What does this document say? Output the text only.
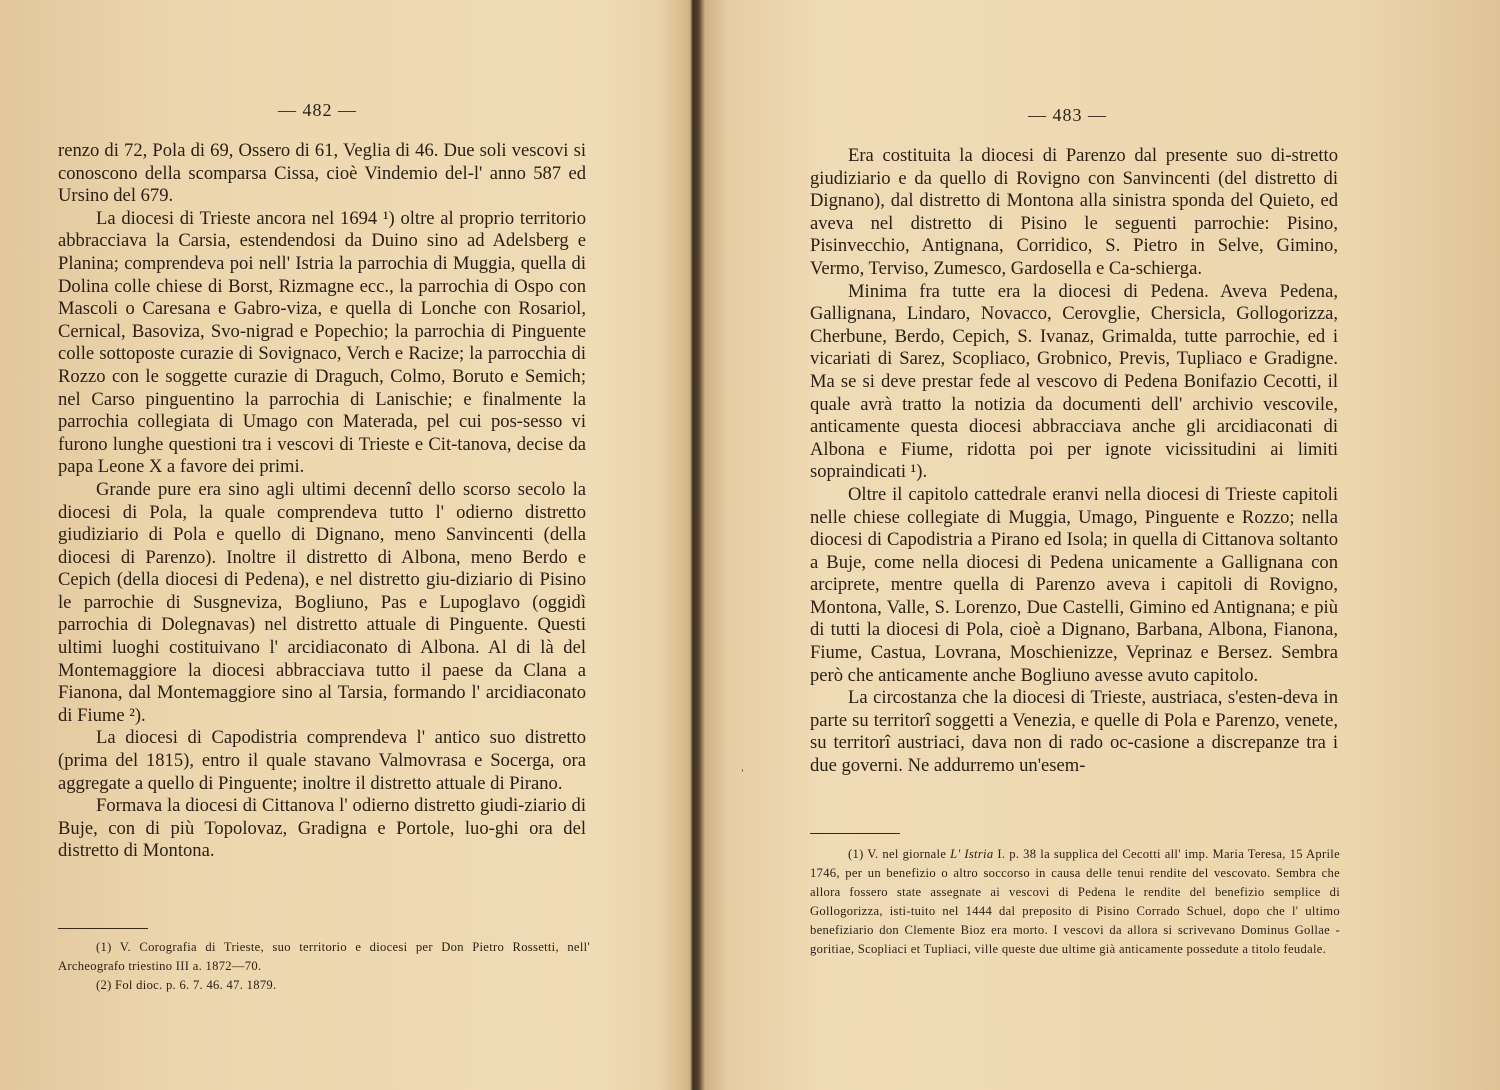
— 482 —

renzo di 72, Pola di 69, Ossero di 61, Veglia di 46. Due soli vescovi si conoscono della scomparsa Cissa, cioè Vindemio del-l' anno 587 ed Ursino del 679.

La diocesi di Trieste ancora nel 1694 ¹) oltre al proprio territorio abbracciava la Carsia, estendendosi da Duino sino ad Adelsberg e Planina; comprendeva poi nell' Istria la parrochia di Muggia, quella di Dolina colle chiese di Borst, Rizmagne ecc., la parrochia di Ospo con Mascoli o Caresana e Gabro-viza, e quella di Lonche con Rosariol, Cernical, Basoviza, Svo-nigrad e Popechio; la parrochia di Pinguente colle sottoposte curazie di Sovignaco, Verch e Racize; la parrocchia di Rozzo con le soggette curazie di Draguch, Colmo, Boruto e Semich; nel Carso pinguentino la parrochia di Lanischie; e finalmente la parrochia collegiata di Umago con Materada, pel cui pos-sesso vi furono lunghe questioni tra i vescovi di Trieste e Cit-tanova, decise da papa Leone X a favore dei primi.

Grande pure era sino agli ultimi decennî dello scorso secolo la diocesi di Pola, la quale comprendeva tutto l' odierno distretto giudiziario di Pola e quello di Dignano, meno Sanvincenti (della diocesi di Parenzo). Inoltre il distretto di Albona, meno Berdo e Cepich (della diocesi di Pedena), e nel distretto giu-diziario di Pisino le parrochie di Susgneviza, Bogliuno, Pas e Lupoglavo (oggidì parrochia di Dolegnavas) nel distretto attuale di Pinguente. Questi ultimi luoghi costituivano l' arcidiaconato di Albona. Al di là del Montemaggiore la diocesi abbracciava tutto il paese da Clana a Fianona, dal Montemaggiore sino al Tarsia, formando l' arcidiaconato di Fiume ²).

La diocesi di Capodistria comprendeva l' antico suo distretto (prima del 1815), entro il quale stavano Valmovrasa e Socerga, ora aggregate a quello di Pinguente; inoltre il distretto attuale di Pirano.

Formava la diocesi di Cittanova l' odierno distretto giudi-ziario di Buje, con di più Topolovaz, Gradigna e Portole, luo-ghi ora del distretto di Montona.

(1) V. Corografia di Trieste, suo territorio e diocesi per Don Pietro Rossetti, nell' Archeografo triestino III a. 1872—70.

(2) Fol dioc. p. 6. 7. 46. 47. 1879.

— 483 —

Era costituita la diocesi di Parenzo dal presente suo di-stretto giudiziario e da quello di Rovigno con Sanvincenti (del distretto di Dignano), dal distretto di Montona alla sinistra sponda del Quieto, ed aveva nel distretto di Pisino le seguenti parrochie: Pisino, Pisinvecchio, Antignana, Corridico, S. Pietro in Selve, Gimino, Vermo, Terviso, Zumesco, Gardosella e Ca-schierga.

Minima fra tutte era la diocesi di Pedena. Aveva Pedena, Gallignana, Lindaro, Novacco, Cerovglie, Chersicla, Gollogorizza, Cherbune, Berdo, Cepich, S. Ivanaz, Grimalda, tutte parrochie, ed i vicariati di Sarez, Scopliaco, Grobnico, Previs, Tupliaco e Gradigne. Ma se si deve prestar fede al vescovo di Pedena Bonifazio Cecotti, il quale avrà tratto la notizia da documenti dell' archivio vescovile, anticamente questa diocesi abbracciava anche gli arcidiaconati di Albona e Fiume, ridotta poi per ignote vicissitudini ai limiti sopraindicati ¹).

Oltre il capitolo cattedrale eranvi nella diocesi di Trieste capitoli nelle chiese collegiate di Muggia, Umago, Pinguente e Rozzo; nella diocesi di Capodistria a Pirano ed Isola; in quella di Cittanova soltanto a Buje, come nella diocesi di Pedena unicamente a Gallignana con arciprete, mentre quella di Parenzo aveva i capitoli di Rovigno, Montona, Valle, S. Lorenzo, Due Castelli, Gimino ed Antignana; e più di tutti la diocesi di Pola, cioè a Dignano, Barbana, Albona, Fianona, Fiume, Castua, Lovrana, Moschienizze, Veprinaz e Bersez. Sembra però che anticamente anche Bogliuno avesse avuto capitolo.

La circostanza che la diocesi di Trieste, austriaca, s'esten-deva in parte su territorî soggetti a Venezia, e quelle di Pola e Parenzo, venete, su territorî austriaci, dava non di rado oc-casione a discrepanze tra i due governi. Ne addurremo un'esem-

ˈ

(1) V. nel giornale L' Istria I. p. 38 la supplica del Cecotti all' imp. Maria Teresa, 15 Aprile 1746, per un benefizio o altro soccorso in causa delle tenui rendite del vescovato. Sembra che allora fossero state assegnate ai vescovi di Pedena le rendite del benefizio semplice di Gollogorizza, isti-tuito nel 1444 dal preposito di Pisino Corrado Schuel, dopo che l' ultimo benefiziario don Clemente Bioz era morto. I vescovi da allora si scrivevano Dominus Gollae - goritiae, Scopliaci et Tupliaci, ville queste due ultime già anticamente possedute a titolo feudale.
